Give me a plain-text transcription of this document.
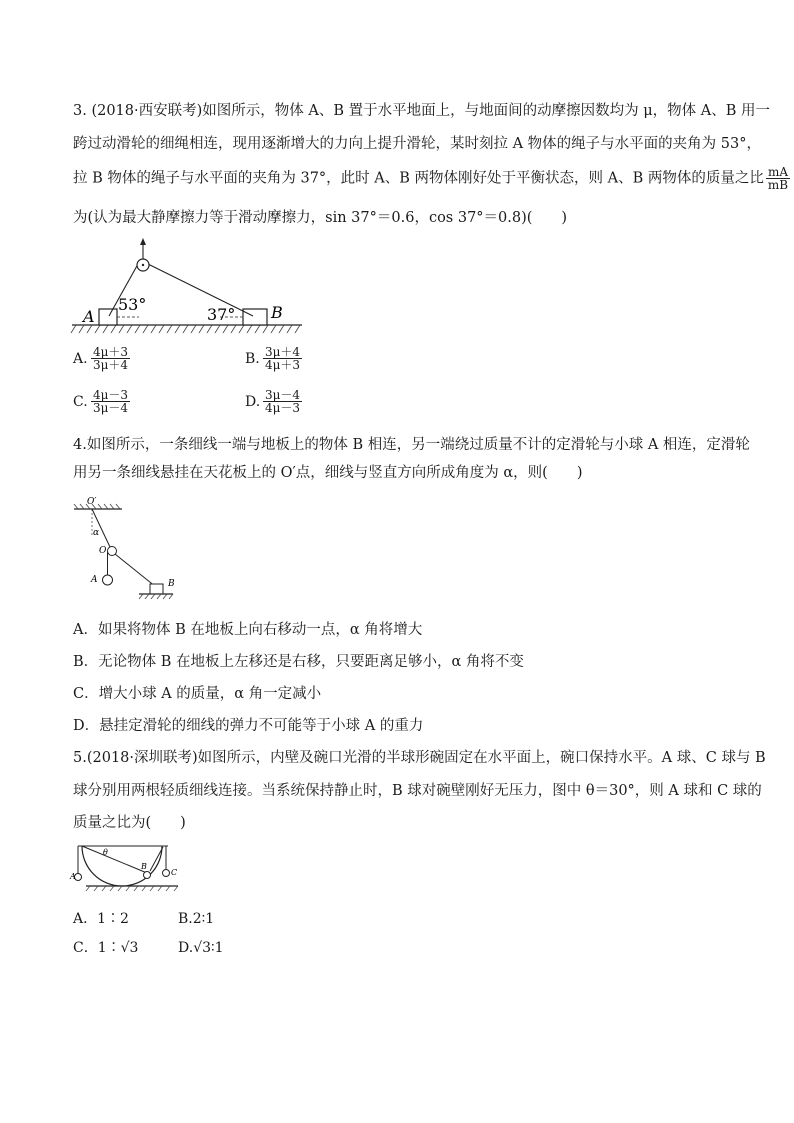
3. (2018·西安联考)如图所示，物体 A、B 置于水平地面上，与地面间的动摩擦因数均为 μ，物体 A、B 用一
跨过动滑轮的细绳相连，现用逐渐增大的力向上提升滑轮，某时刻拉 A 物体的绳子与水平面的夹角为 53°，
拉 B 物体的绳子与水平面的夹角为 37°，此时 A、B 两物体刚好处于平衡状态，则 A、B 两物体的质量之比 $\frac{mA}{mB}$
为(认为最大静摩擦力等于滑动摩擦力，sin 37°＝0.6，cos 37°＝0.8)(　　)
A	B
53°
37°
A. $\frac{4\mu+3}{3\mu+4}$	B. $\frac{3\mu+4}{4\mu+3}$
C. $\frac{4\mu-3}{3\mu-4}$	D. $\frac{3\mu-4}{4\mu-3}$
4.如图所示，一条细线一端与地板上的物体 B 相连，另一端绕过质量不计的定滑轮与小球 A 相连，定滑轮
用另一条细线悬挂在天花板上的 O′点，细线与竖直方向所成角度为 α，则(　　)
O′
α
O
A	B
A．如果将物体 B 在地板上向右移动一点，α 角将增大
B．无论物体 B 在地板上左移还是右移，只要距离足够小，α 角将不变
C．增大小球 A 的质量，α 角一定减小
D．悬挂定滑轮的细线的弹力不可能等于小球 A 的重力
5.(2018·深圳联考)如图所示，内壁及碗口光滑的半球形碗固定在水平面上，碗口保持水平。A 球、C 球与 B
球分别用两根轻质细线连接。当系统保持静止时，B 球对碗壁刚好无压力，图中 θ＝30°，则 A 球和 C 球的
质量之比为(　　)
θ
A
B
C
A．1∶2	B.2∶1
C．1∶√3	D.√3∶1
